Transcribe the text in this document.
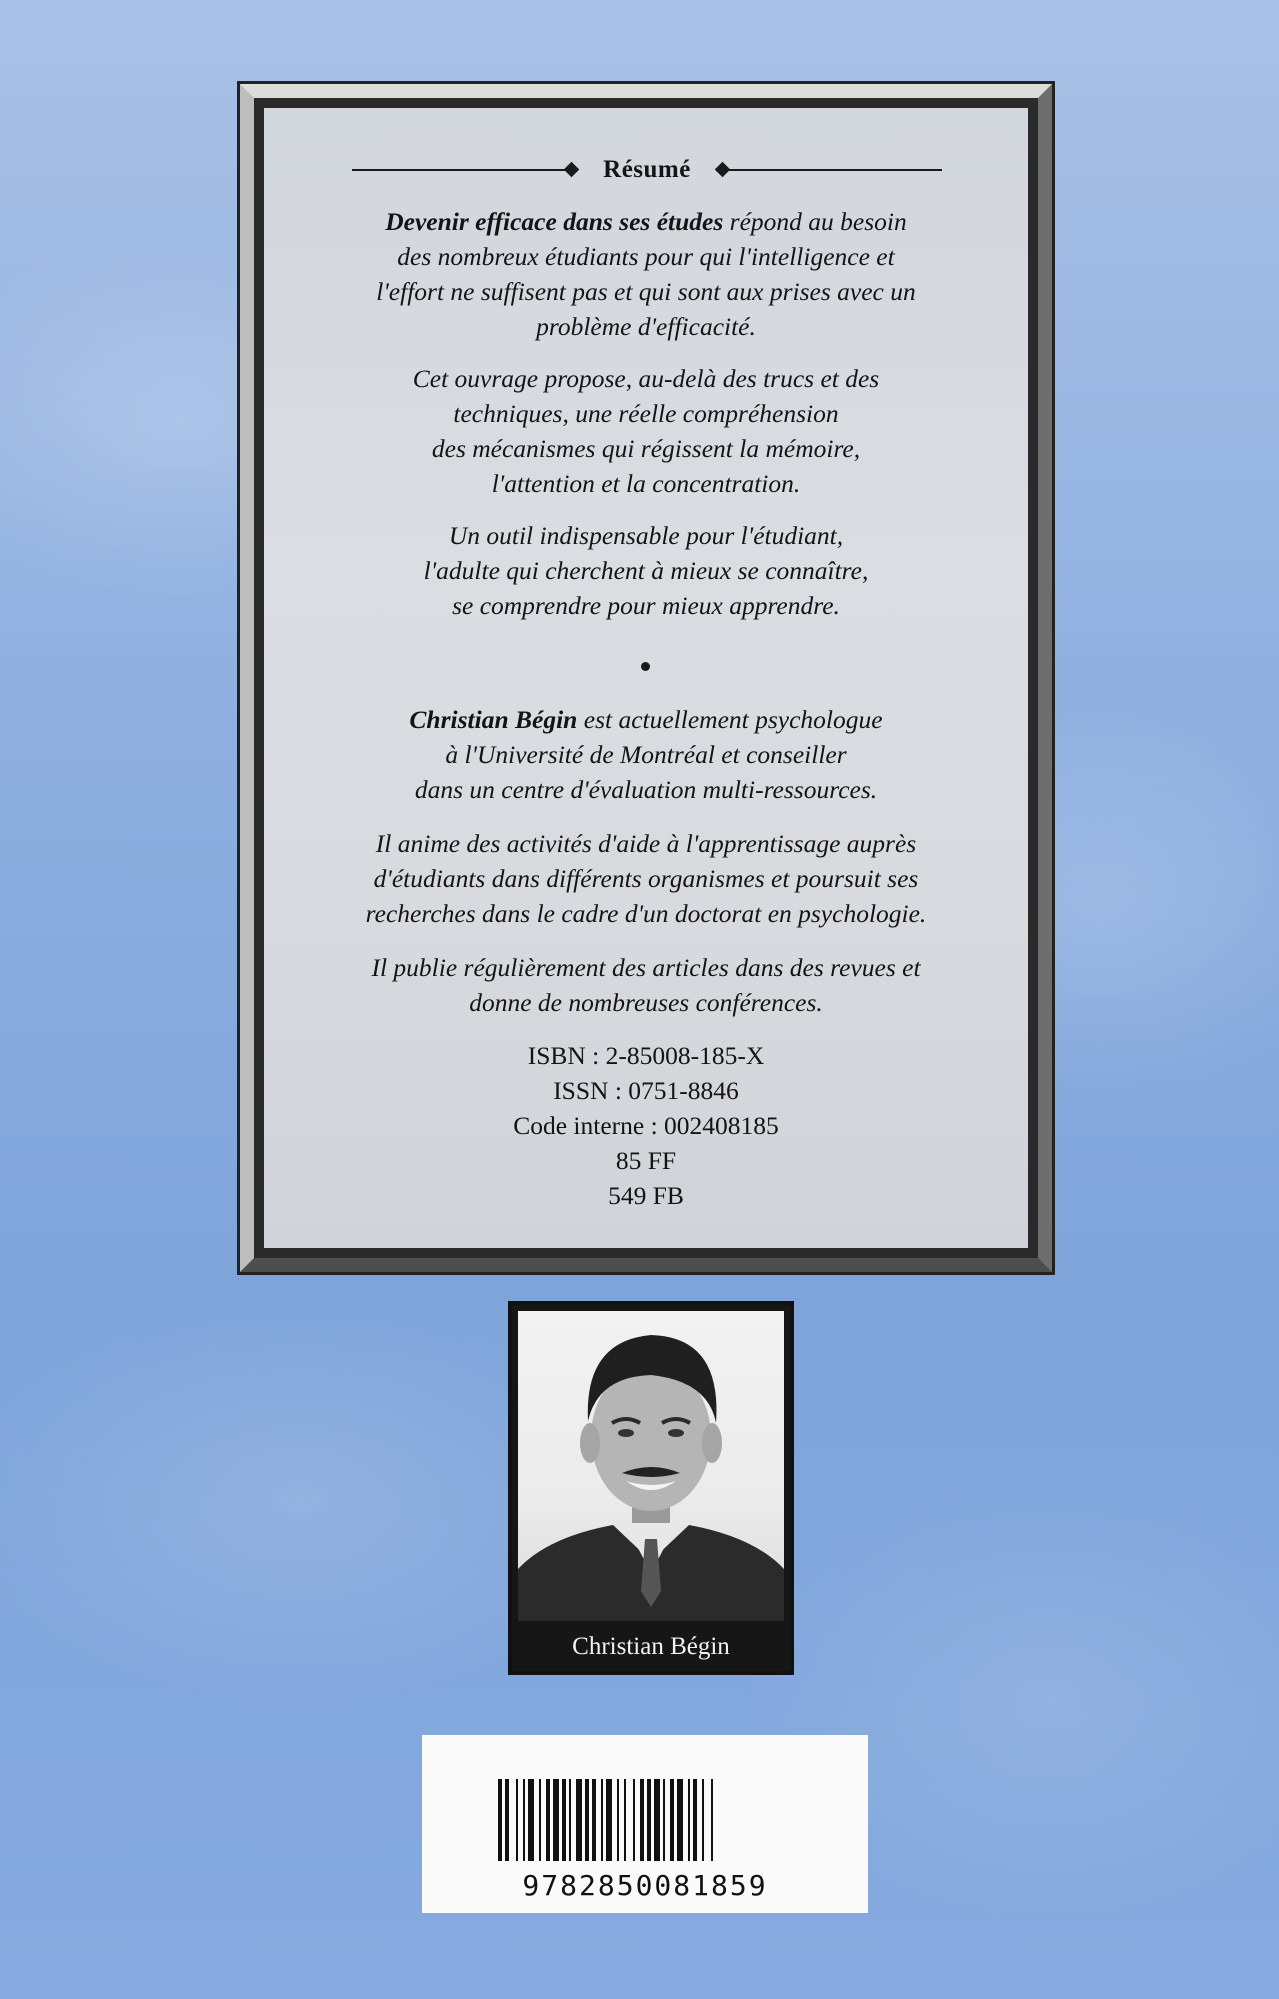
Résumé
Devenir efficace dans ses études répond au besoin
des nombreux étudiants pour qui l'intelligence et
l'effort ne suffisent pas et qui sont aux prises avec un
problème d'efficacité.
Cet ouvrage propose, au-delà des trucs et des
techniques, une réelle compréhension
des mécanismes qui régissent la mémoire,
l'attention et la concentration.
Un outil indispensable pour l'étudiant,
l'adulte qui cherchent à mieux se connaître,
se comprendre pour mieux apprendre.
Christian Bégin est actuellement psychologue
à l'Université de Montréal et conseiller
dans un centre d'évaluation multi-ressources.
Il anime des activités d'aide à l'apprentissage auprès
d'étudiants dans différents organismes et poursuit ses
recherches dans le cadre d'un doctorat en psychologie.
Il publie régulièrement des articles dans des revues et
donne de nombreuses conférences.
ISBN : 2-85008-185-X
ISSN : 0751-8846
Code interne : 002408185
85 FF
549 FB
Christian Bégin
9782850081859
